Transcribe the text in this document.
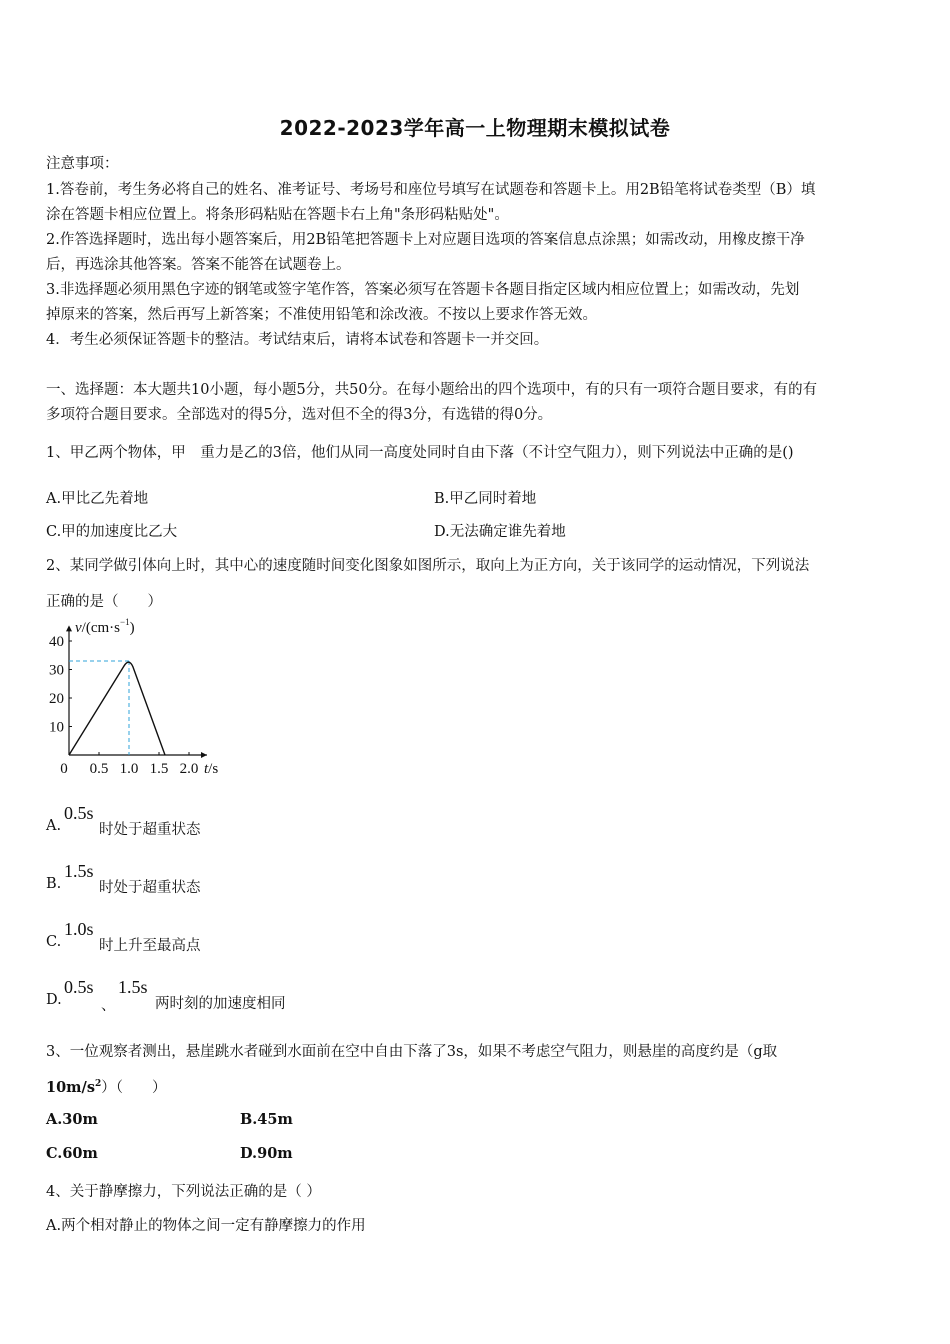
2022-2023学年高一上物理期末模拟试卷
注意事项：
1.答卷前，考生务必将自己的姓名、准考证号、考场号和座位号填写在试题卷和答题卡上。用2B铅笔将试卷类型（B）填
涂在答题卡相应位置上。将条形码粘贴在答题卡右上角"条形码粘贴处"。
2.作答选择题时，选出每小题答案后，用2B铅笔把答题卡上对应题目选项的答案信息点涂黑；如需改动，用橡皮擦干净
后，再选涂其他答案。答案不能答在试题卷上。
3.非选择题必须用黑色字迹的钢笔或签字笔作答，答案必须写在答题卡各题目指定区域内相应位置上；如需改动，先划
掉原来的答案，然后再写上新答案；不准使用铅笔和涂改液。不按以上要求作答无效。
4．考生必须保证答题卡的整洁。考试结束后，请将本试卷和答题卡一并交回。
一、选择题：本大题共10小题，每小题5分，共50分。在每小题给出的四个选项中，有的只有一项符合题目要求，有的有
多项符合题目要求。全部选对的得5分，选对但不全的得3分，有选错的得0分。
1、甲乙两个物体，甲　重力是乙的3倍，他们从同一高度处同时自由下落（不计空气阻力），则下列说法中正确的是()
A.甲比乙先着地	B.甲乙同时着地
C.甲的加速度比乙大	D.无法确定谁先着地
2、某同学做引体向上时，其中心的速度随时间变化图象如图所示，取向上为正方向，关于该同学的运动情况，下列说法
正确的是（　　）
10
20
30
40
0 0.5 1.0 1.5 2.0
$v/(cm\cdot s^{-1})$
t/s
A.
0.5s
时处于超重状态
B.
1.5s
时处于超重状态
C.
1.0s
时上升至最高点
D.
0.5s
、
1.5s
两时刻的加速度相同
3、一位观察者测出，悬崖跳水者碰到水面前在空中自由下落了3s，如果不考虑空气阻力，则悬崖的高度约是（g取
$10m/s^2$）（　　）
A.30m	B.45m
C.60m	D.90m
4、关于静摩擦力，下列说法正确的是（ ）
A.两个相对静止的物体之间一定有静摩擦力的作用
